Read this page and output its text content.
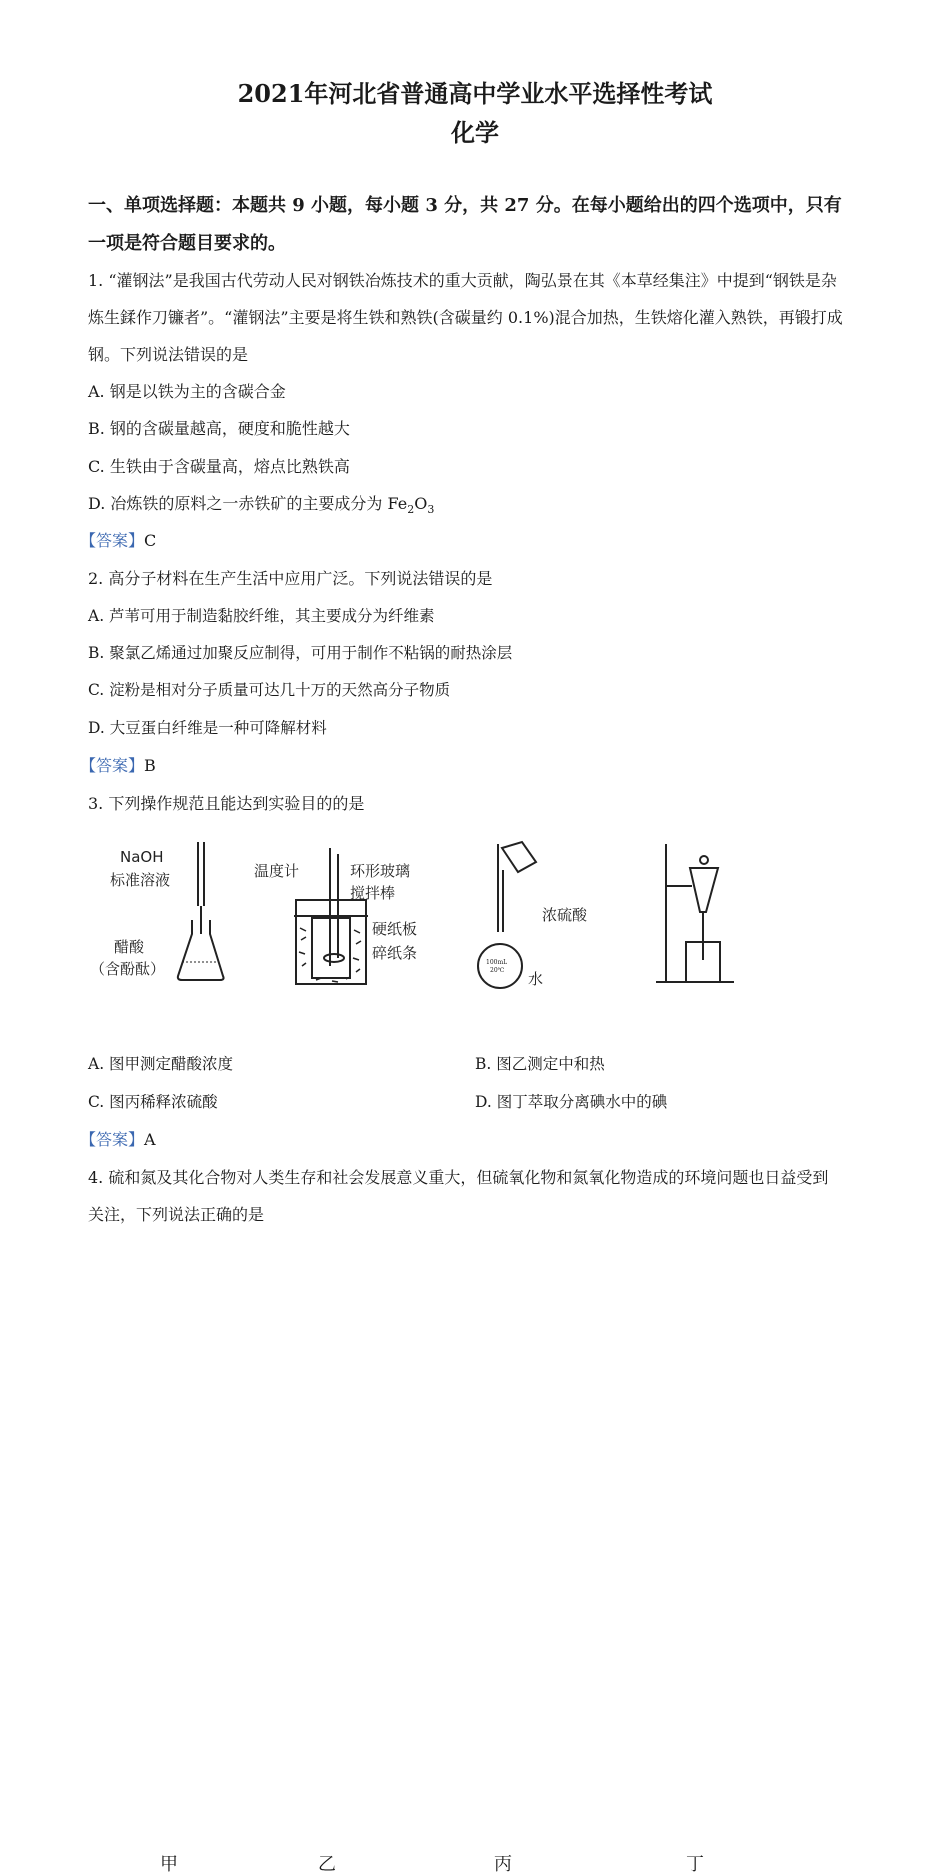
2021年河北省普通高中学业水平选择性考试
化学
一、单项选择题：本题共 9 小题，每小题 3 分，共 27 分。在每小题给出的四个选项中，只有
一项是符合题目要求的。
1. “灌钢法”是我国古代劳动人民对钢铁冶炼技术的重大贡献，陶弘景在其《本草经集注》中提到“钢铁是杂
炼生鍒作刀镰者”。“灌钢法”主要是将生铁和熟铁(含碳量约 0.1%)混合加热，生铁熔化灌入熟铁，再锻打成
钢。下列说法错误的是
A. 钢是以铁为主的含碳合金
B. 钢的含碳量越高，硬度和脆性越大
C. 生铁由于含碳量高，熔点比熟铁高
D. 冶炼铁的原料之一赤铁矿的主要成分为 $Fe_2O_3$
【答案】C
2. 高分子材料在生产生活中应用广泛。下列说法错误的是
A. 芦苇可用于制造黏胶纤维，其主要成分为纤维素
B. 聚氯乙烯通过加聚反应制得，可用于制作不粘锅的耐热涂层
C. 淀粉是相对分子质量可达几十万的天然高分子物质
D. 大豆蛋白纤维是一种可降解材料
【答案】B
3. 下列操作规范且能达到实验目的的是
NaOH
标准溶液
醋酸
（含酚酞）
温度计	环形玻璃
搅拌棒
硬纸板
碎纸条
100mL
20℃
浓硫酸
水
甲	乙	丙	丁
A. 图甲测定醋酸浓度	B. 图乙测定中和热
C. 图丙稀释浓硫酸	D. 图丁萃取分离碘水中的碘
【答案】A
4. 硫和氮及其化合物对人类生存和社会发展意义重大，但硫氧化物和氮氧化物造成的环境问题也日益受到
关注，下列说法正确的是
